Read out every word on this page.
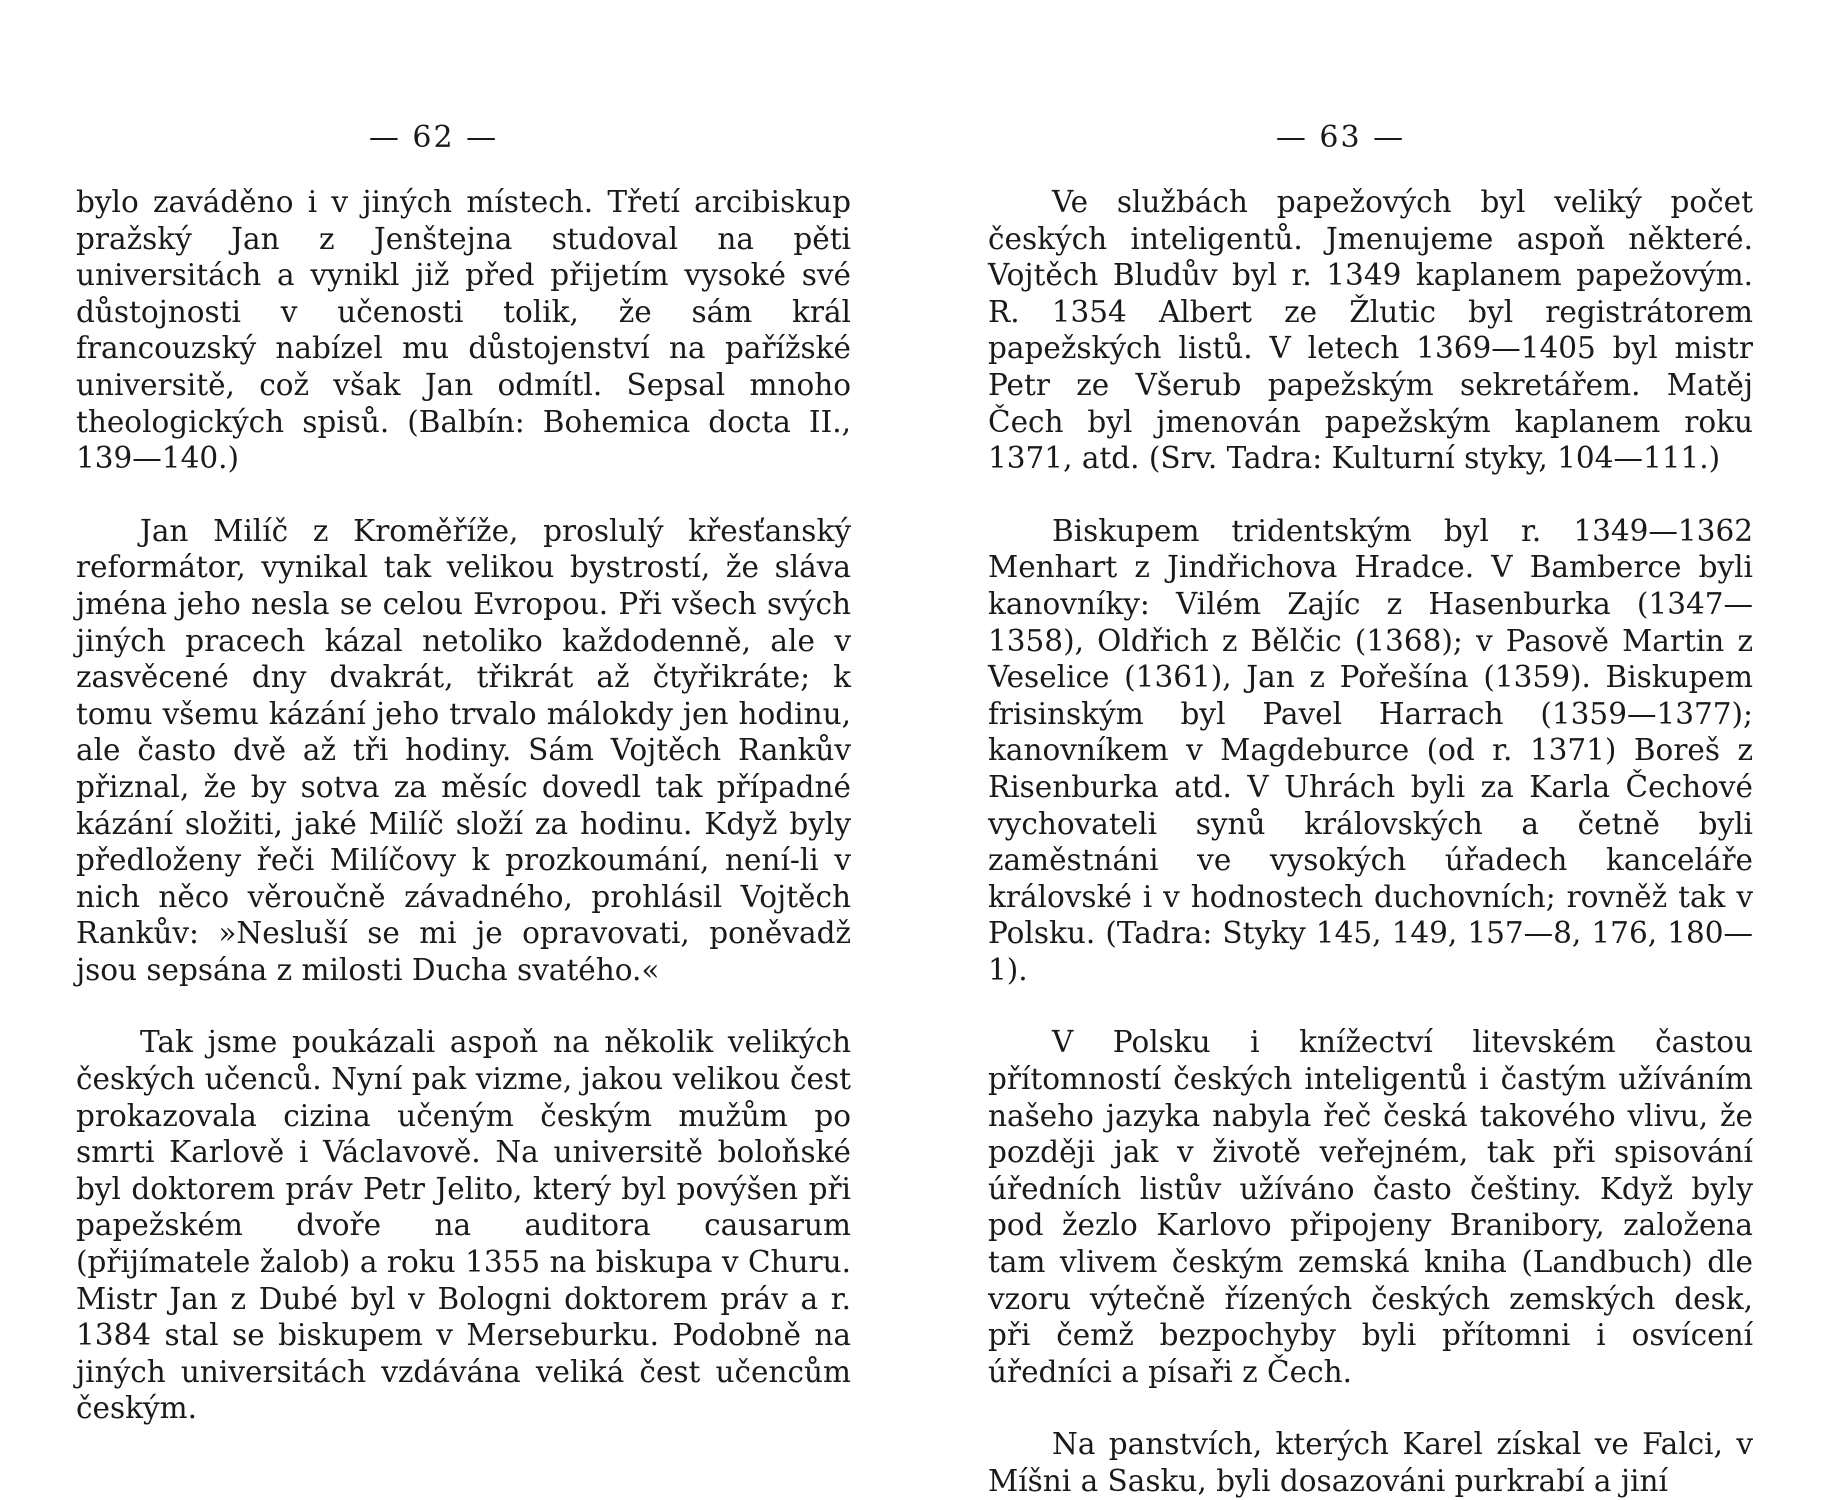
— 62 —

bylo zaváděno i v jiných místech. Třetí arcibiskup pražský Jan z Jenštejna studoval na pěti universitách a vynikl již před přijetím vysoké své důstojnosti v učenosti tolik, že sám král francouzský nabízel mu důstojenství na pařížské universitě, což však Jan odmítl. Sepsal mnoho theologických spisů. (Balbín: Bohemica docta II., 139—140.)

Jan Milíč z Kroměříže, proslulý křesťanský reformátor, vynikal tak velikou bystrostí, že sláva jména jeho nesla se celou Evropou. Při všech svých jiných pracech kázal netoliko každodenně, ale v zasvěcené dny dvakrát, třikrát až čtyřikráte; k tomu všemu kázání jeho trvalo málokdy jen hodinu, ale často dvě až tři hodiny. Sám Vojtěch Rankův přiznal, že by sotva za měsíc dovedl tak případné kázání složiti, jaké Milíč složí za hodinu. Když byly předloženy řeči Milíčovy k prozkoumání, není-li v nich něco věroučně závadného, prohlásil Vojtěch Rankův: »Nesluší se mi je opravovati, poněvadž jsou sepsána z milosti Ducha svatého.«

Tak jsme poukázali aspoň na několik velikých českých učenců. Nyní pak vizme, jakou velikou čest prokazovala cizina učeným českým mužům po smrti Karlově i Václavově. Na universitě boloňské byl doktorem práv Petr Jelito, který byl povýšen při papežském dvoře na auditora causarum (přijímatele žalob) a roku 1355 na biskupa v Churu. Mistr Jan z Dubé byl v Bologni doktorem práv a r. 1384 stal se biskupem v Merseburku. Podobně na jiných universitách vzdávána veliká čest učencům českým.

— 63 —

Ve službách papežových byl veliký počet českých inteligentů. Jmenujeme aspoň některé. Vojtěch Bludův byl r. 1349 kaplanem papežovým. R. 1354 Albert ze Žlutic byl registrátorem papežských listů. V letech 1369—1405 byl mistr Petr ze Všerub papežským sekretářem. Matěj Čech byl jmenován papežským kaplanem roku 1371, atd. (Srv. Tadra: Kulturní styky, 104—111.)

Biskupem tridentským byl r. 1349—1362 Menhart z Jindřichova Hradce. V Bamberce byli kanovníky: Vilém Zajíc z Hasenburka (1347—1358), Oldřich z Bělčic (1368); v Pasově Martin z Veselice (1361), Jan z Pořešína (1359). Biskupem frisinským byl Pavel Harrach (1359—1377); kanovníkem v Magdeburce (od r. 1371) Boreš z Risenburka atd. V Uhrách byli za Karla Čechové vychovateli synů královských a četně byli zaměstnáni ve vysokých úřadech kanceláře královské i v hodnostech duchovních; rovněž tak v Polsku. (Tadra: Styky 145, 149, 157—8, 176, 180—1).

V Polsku i knížectví litevském častou přítomností českých inteligentů i častým užíváním našeho jazyka nabyla řeč česká takového vlivu, že později jak v životě veřejném, tak při spisování úředních listův užíváno často češtiny. Když byly pod žezlo Karlovo připojeny Branibory, založena tam vlivem českým zemská kniha (Landbuch) dle vzoru výtečně řízených českých zemských desk, při čemž bezpochyby byli přítomni i osvícení úředníci a písaři z Čech.

Na panstvích, kterých Karel získal ve Falci, v Míšni a Sasku, byli dosazováni purkrabí a jiní
